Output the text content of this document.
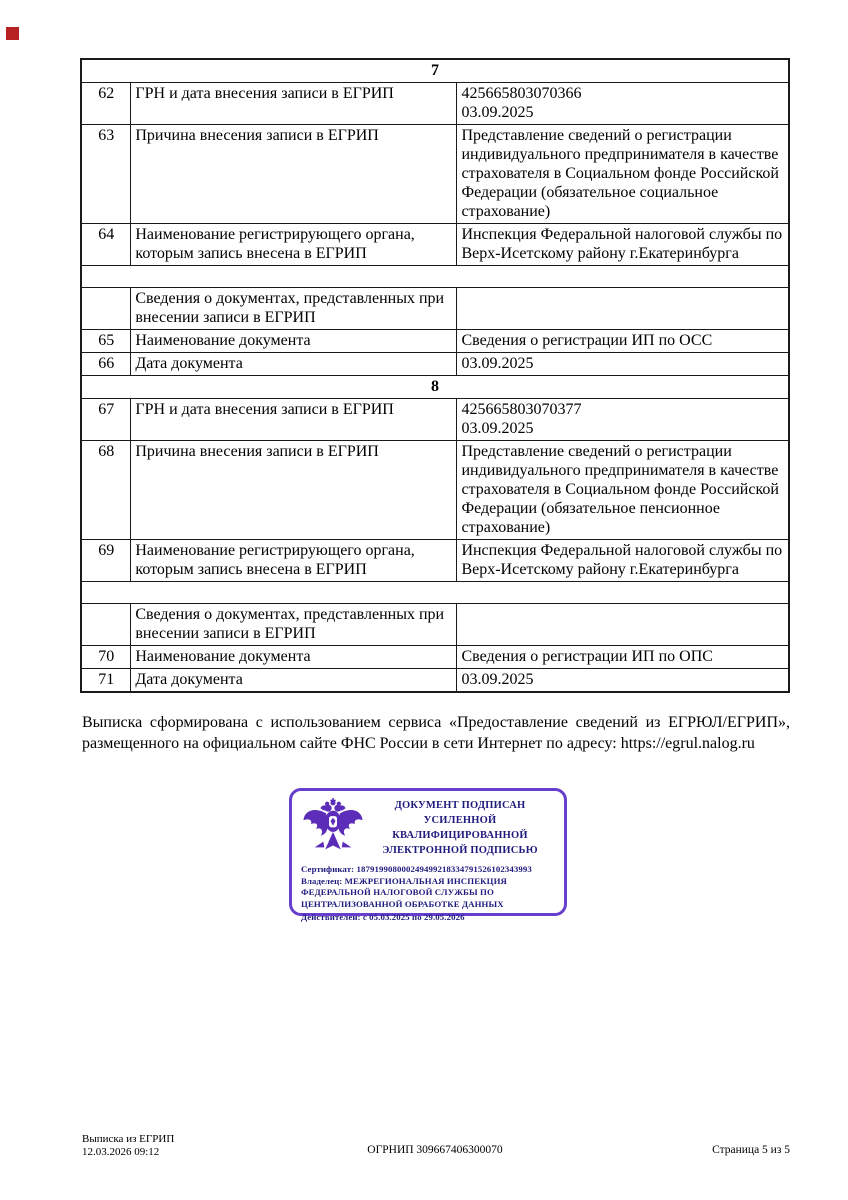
7		

62	ГРН и дата внесения записи в ЕГРИП	425665803070366
03.09.2025

63	Причина внесения записи в ЕГРИП	Представление сведений о регистрации индивидуального предпринимателя в качестве страхователя в Социальном фонде Российской Федерации (обязательное социальное страхование)

64	Наименование регистрирующего органа, которым запись внесена в ЕГРИП	Инспекция Федеральной налоговой службы по Верх-Исетскому району г.Екатеринбурга

	Сведения о документах, представленных при внесении записи в ЕГРИП	

65	Наименование документа	Сведения о регистрации ИП по ОСС

66	Дата документа	03.09.2025

8		

67	ГРН и дата внесения записи в ЕГРИП	425665803070377
03.09.2025

68	Причина внесения записи в ЕГРИП	Представление сведений о регистрации индивидуального предпринимателя в качестве страхователя в Социальном фонде Российской Федерации (обязательное пенсионное страхование)

69	Наименование регистрирующего органа, которым запись внесена в ЕГРИП	Инспекция Федеральной налоговой службы по Верх-Исетскому району г.Екатеринбурга

	Сведения о документах, представленных при внесении записи в ЕГРИП	

70	Наименование документа	Сведения о регистрации ИП по ОПС

71	Дата документа	03.09.2025
Выписка сформирована с использованием сервиса «Предоставление сведений из ЕГРЮЛ/ЕГРИП», размещенного на официальном сайте ФНС России в сети Интернет по адресу: https://egrul.nalog.ru
ДОКУМЕНТ ПОДПИСАН
УСИЛЕННОЙ КВАЛИФИЦИРОВАННОЙ
ЭЛЕКТРОННОЙ ПОДПИСЬЮ
Сертификат: 187919908000249499218334791526102343993
Владелец: МЕЖРЕГИОНАЛЬНАЯ ИНСПЕКЦИЯ ФЕДЕРАЛЬНОЙ НАЛОГОВОЙ СЛУЖБЫ ПО ЦЕНТРАЛИЗОВАННОЙ ОБРАБОТКЕ ДАННЫХ
Действителен: с 05.03.2025 по 29.05.2026
Выписка из ЕГРИП
12.03.2026 09:12	ОГРНИП 309667406300070	Страница 5 из 5
